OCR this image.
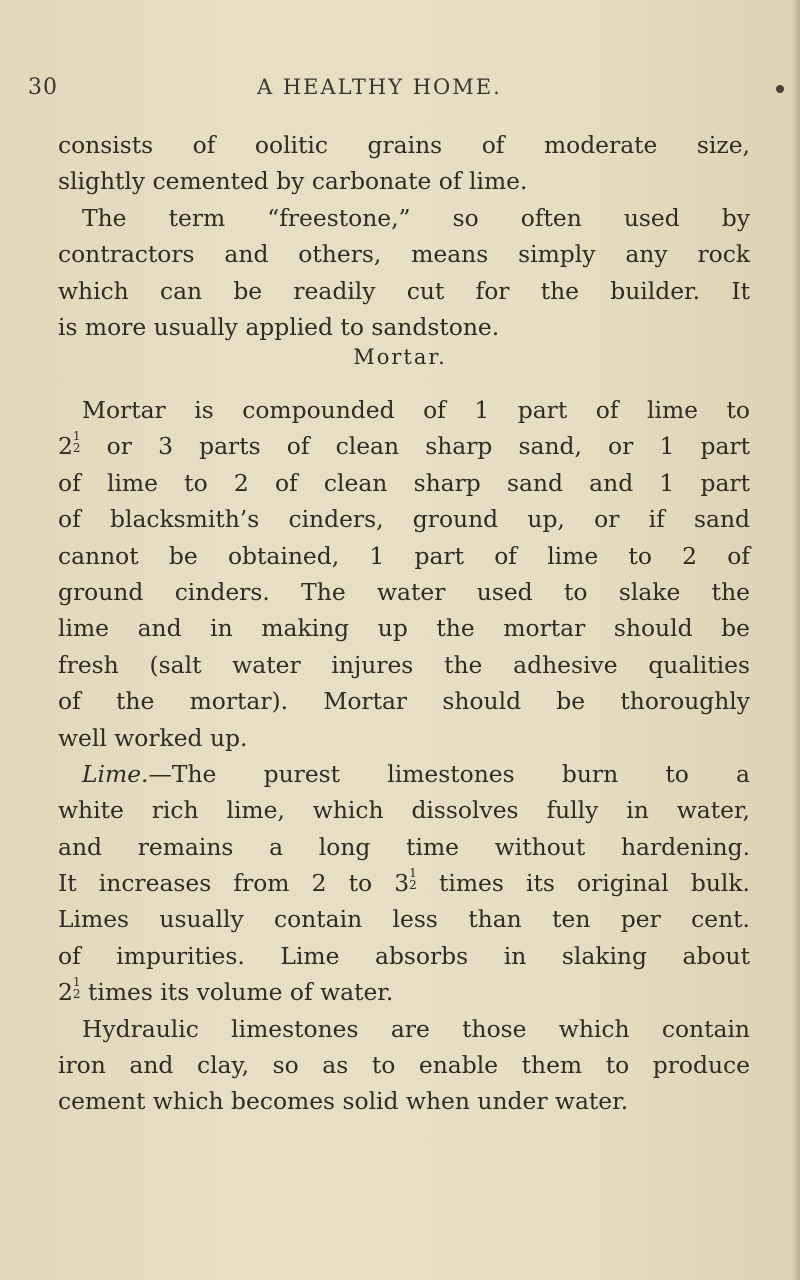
30	A HEALTHY HOME.
consists of oolitic grains of moderate size,
slightly cemented by carbonate of lime.
The term “freestone,” so often used by
contractors and others, means simply any rock
which can be readily cut for the builder. It
is more usually applied to sandstone.
Mortar.
Mortar is compounded of 1 part of lime to
2 1
2 or 3 parts of clean sharp sand, or 1 part
of lime to 2 of clean sharp sand and 1 part
of blacksmith’s cinders, ground up, or if sand
cannot be obtained, 1 part of lime to 2 of
ground cinders. The water used to slake the
lime and in making up the mortar should be
fresh (salt water injures the adhesive qualities
of the mortar). Mortar should be thoroughly
well worked up.
Lime.—The purest limestones burn to a
white rich lime, which dissolves fully in water,
and remains a long time without hardening.
It increases from 2 to 3 1
2 times its original bulk.
Limes usually contain less than ten per cent.
of impurities. Lime absorbs in slaking about
2 1
2 times its volume of water.
Hydraulic limestones are those which contain
iron and clay, so as to enable them to produce
cement which becomes solid when under water.
